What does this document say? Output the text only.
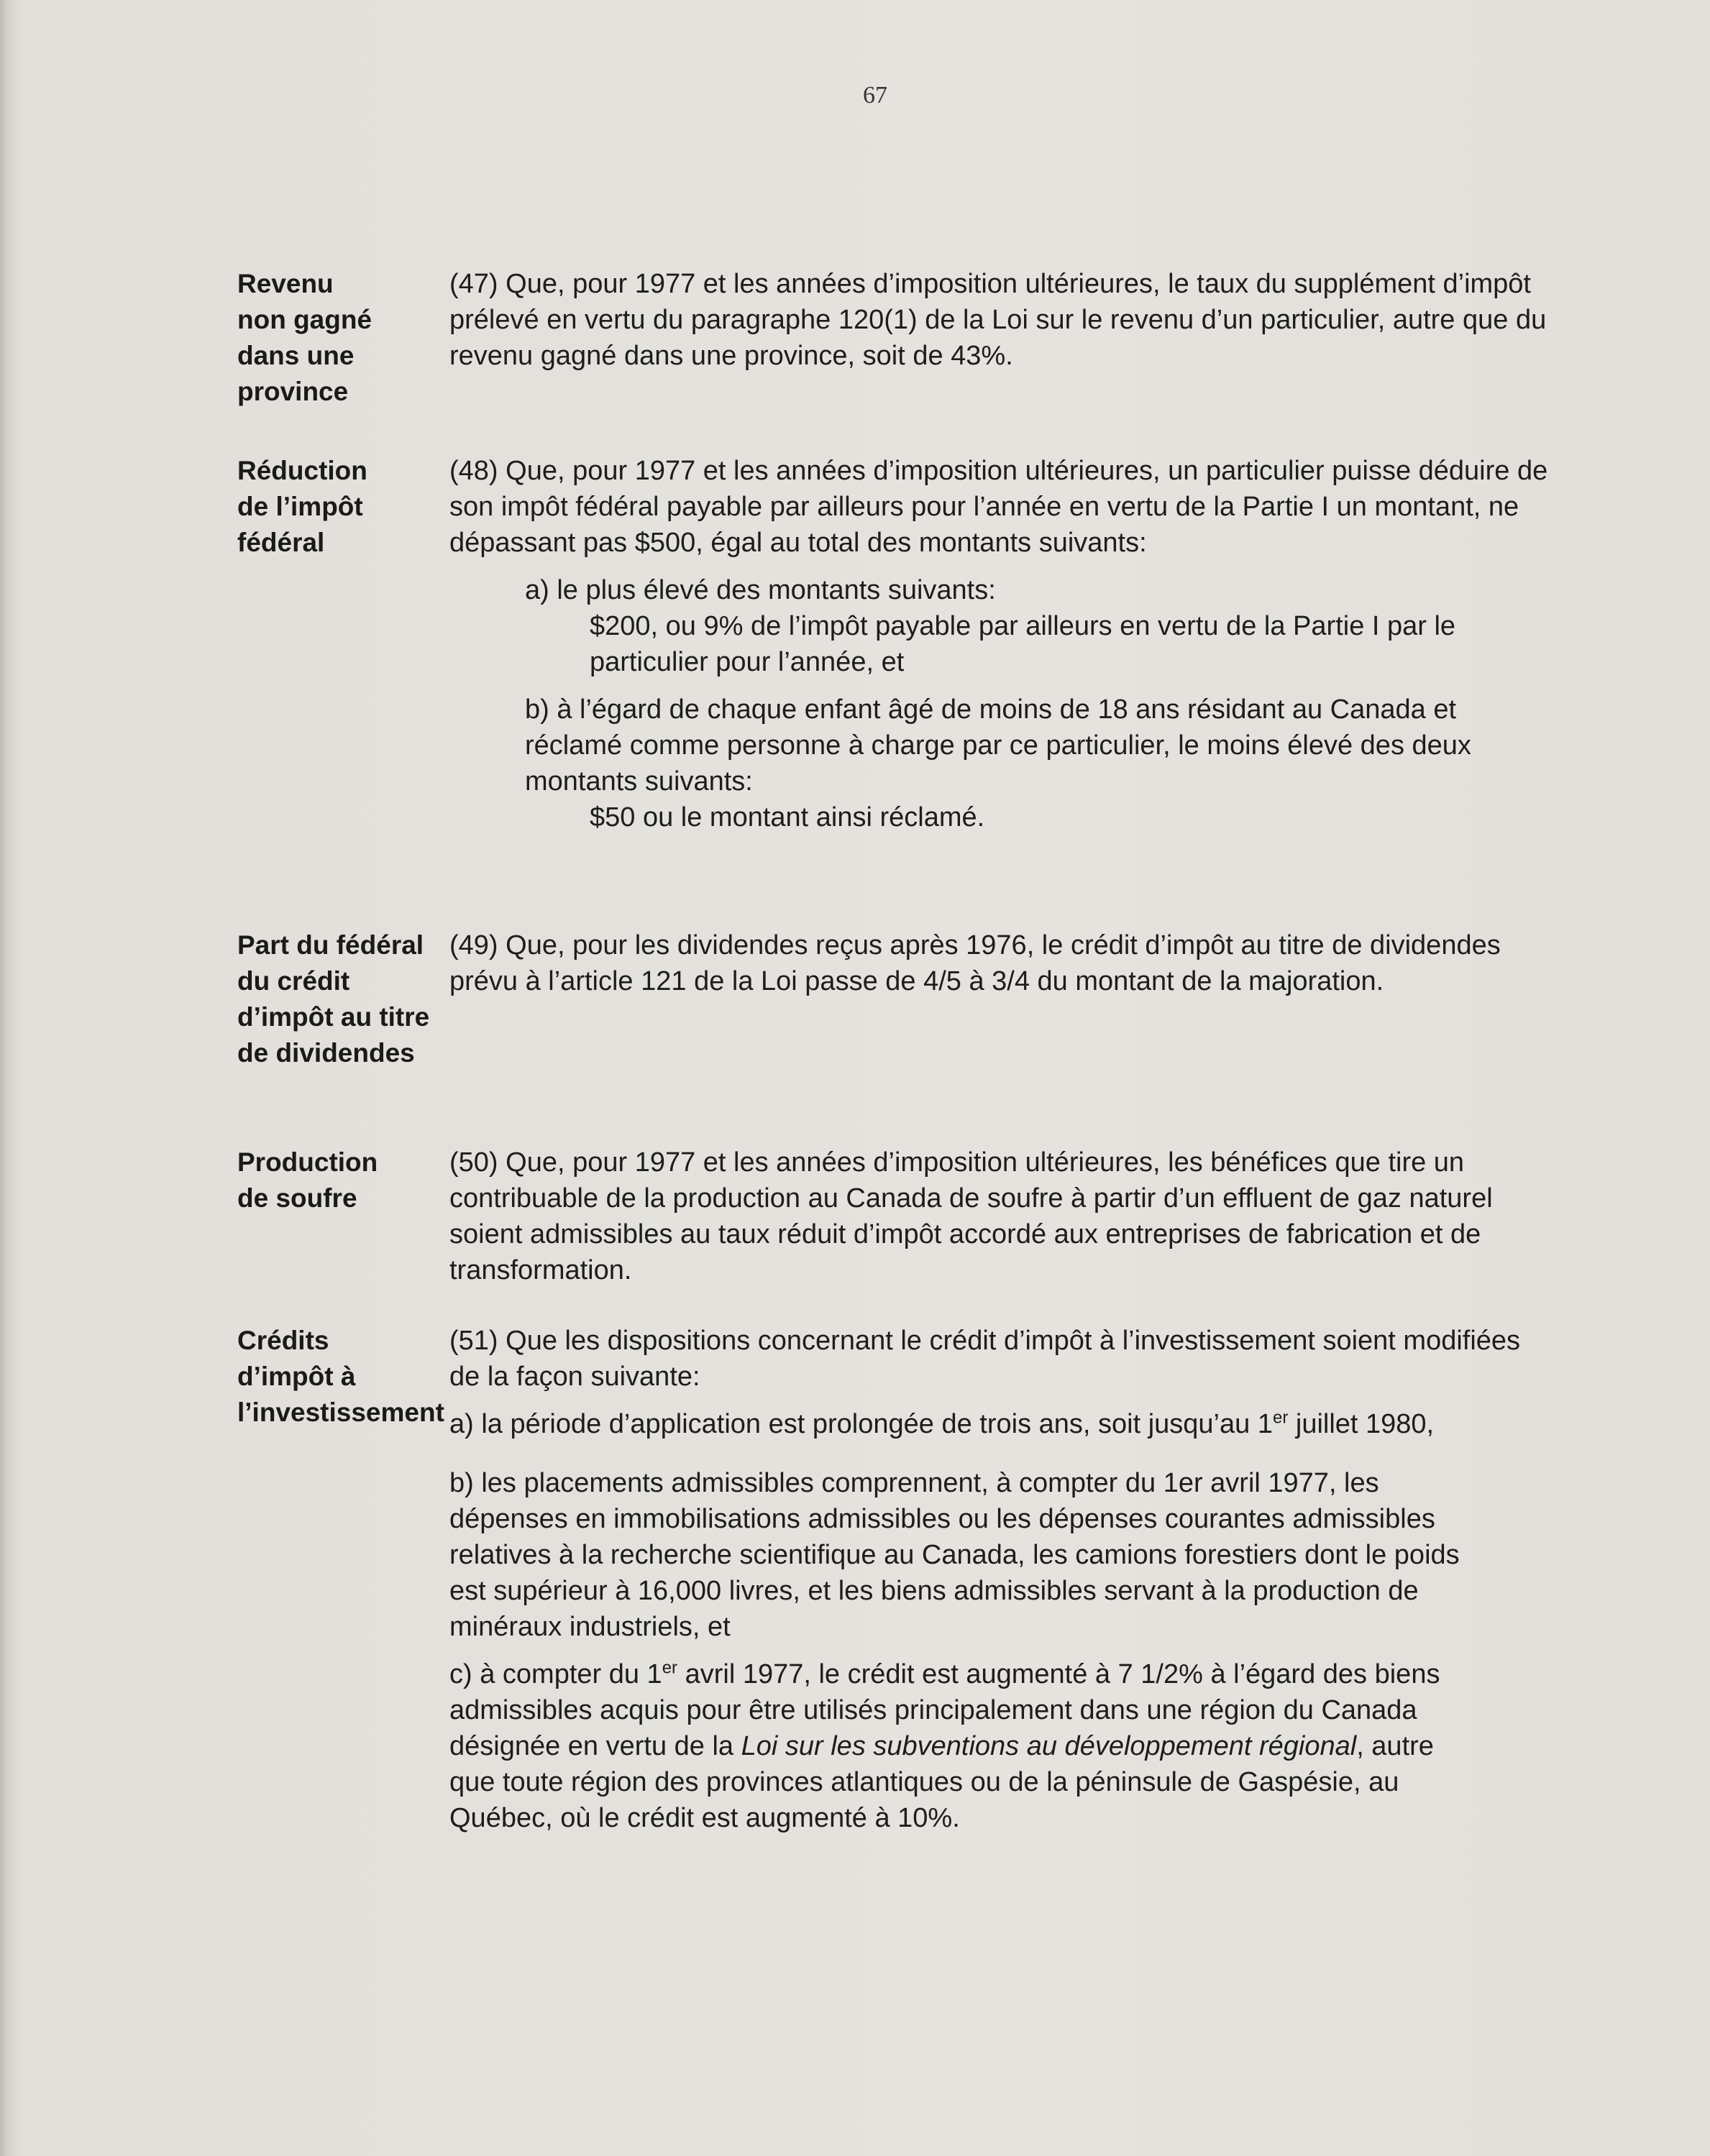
67
Revenu non gagné dans une province

(47) Que, pour 1977 et les années d’imposition ultérieures, le taux du supplément d’impôt prélevé en vertu du paragraphe 120(1) de la Loi sur le revenu d’un particulier, autre que du revenu gagné dans une province, soit de 43%.

Réduction de l’impôt fédéral

(48) Que, pour 1977 et les années d’imposition ultérieures, un particulier puisse déduire de son impôt fédéral payable par ailleurs pour l’année en vertu de la Partie I un montant, ne dépassant pas $500, égal au total des montants suivants:

a) le plus élevé des montants suivants:

$200, ou 9% de l’impôt payable par ailleurs en vertu de la Partie I par le particulier pour l’année, et

b) à l’égard de chaque enfant âgé de moins de 18 ans résidant au Canada et réclamé comme personne à charge par ce particulier, le moins élevé des deux montants suivants:

$50 ou le montant ainsi réclamé.

Part du fédéral du crédit d’impôt au titre de dividendes

(49) Que, pour les dividendes reçus après 1976, le crédit d’impôt au titre de dividendes prévu à l’article 121 de la Loi passe de 4/5 à 3/4 du montant de la majoration.

Production de soufre

(50) Que, pour 1977 et les années d’imposition ultérieures, les bénéfices que tire un contribuable de la production au Canada de soufre à partir d’un effluent de gaz naturel soient admissibles au taux réduit d’impôt accordé aux entreprises de fabrication et de transformation.

Crédits d’impôt à l’investissement

(51) Que les dispositions concernant le crédit d’impôt à l’investissement soient modifiées de la façon suivante:

a) la période d’application est prolongée de trois ans, soit jusqu’au 1er juillet 1980,

b) les placements admissibles comprennent, à compter du 1er avril 1977, les dépenses en immobilisations admissibles ou les dépenses courantes admissibles relatives à la recherche scientifique au Canada, les camions forestiers dont le poids est supérieur à 16,000 livres, et les biens admissibles servant à la production de minéraux industriels, et

c) à compter du 1er avril 1977, le crédit est augmenté à 7 1/2% à l’égard des biens admissibles acquis pour être utilisés principalement dans une région du Canada désignée en vertu de la Loi sur les subventions au développement régional, autre que toute région des provinces atlantiques ou de la péninsule de Gaspésie, au Québec, où le crédit est augmenté à 10%.
